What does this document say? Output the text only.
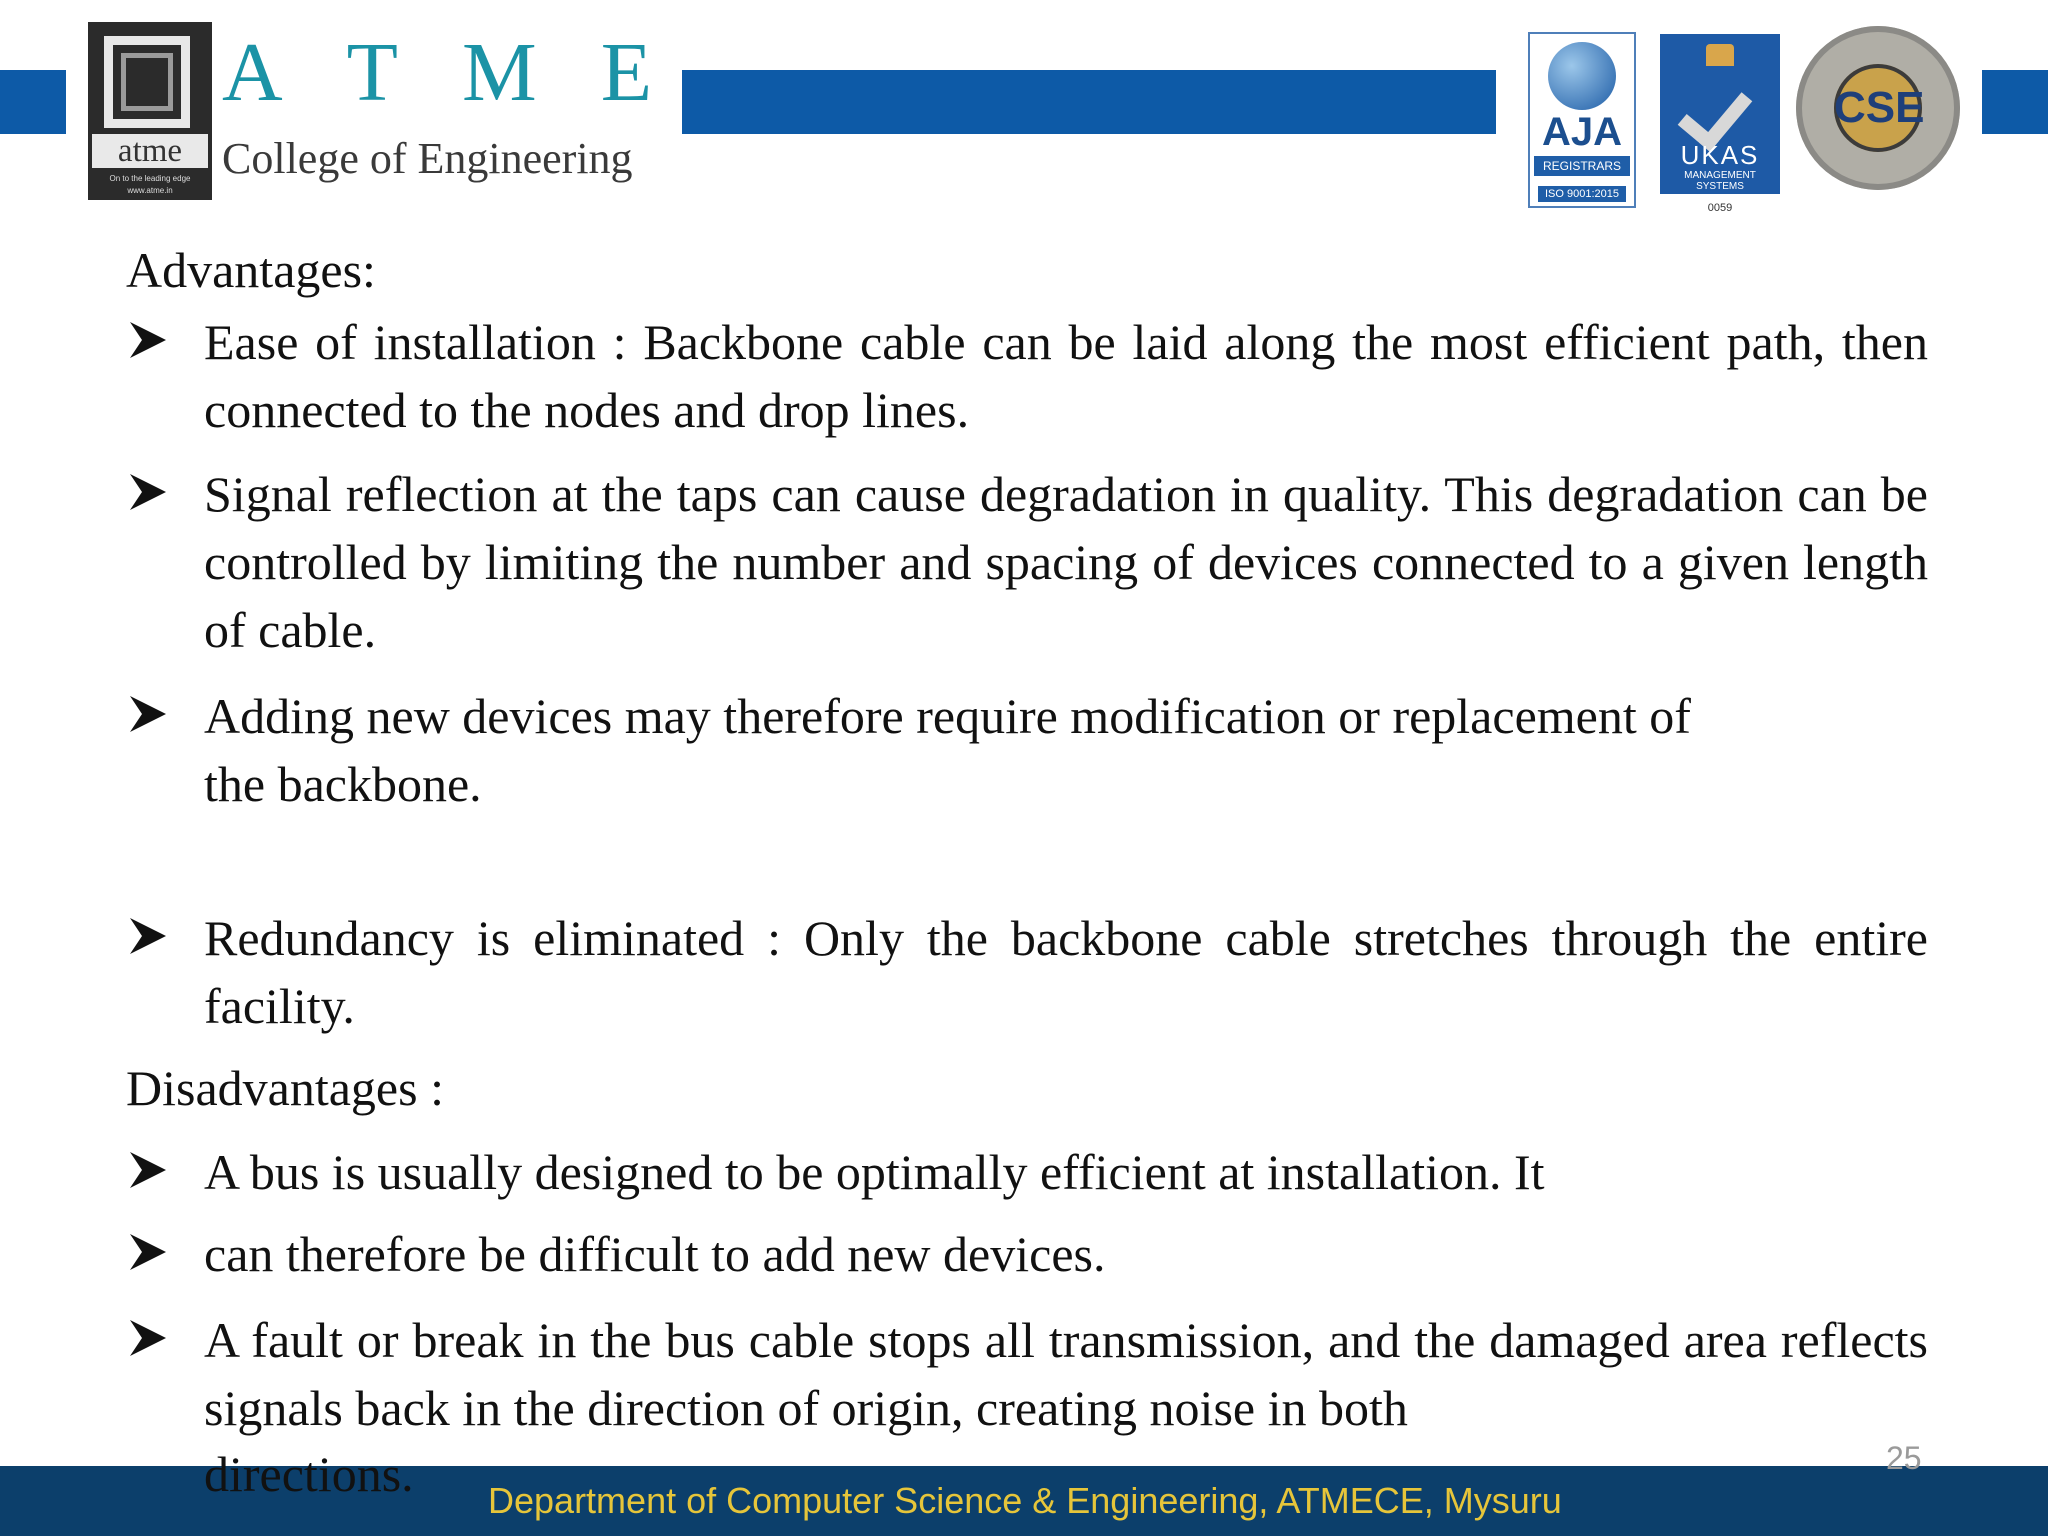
atme
On to the leading edge
www.atme.in
A T M E
College of Engineering
AJA
REGISTRARS
ISO 9001:2015
UKAS
MANAGEMENT SYSTEMS
0059
CSE

Advantages:

Ease of installation : Backbone cable can be laid along the most efficient path, then connected to the nodes and drop lines.

Signal reflection at the taps can cause degradation in quality. This degradation can be controlled by limiting the number and spacing of devices connected to a given length of cable.

Adding new devices may therefore require modification or replacement of

the backbone.

Redundancy is eliminated : Only the backbone cable stretches through the entire facility.

Disadvantages :

A bus is usually designed to be optimally efficient at installation. It

can therefore be difficult to add new devices.

A fault or break in the bus cable stops all transmission, and the damaged area reflects signals back in the direction of origin, creating noise in both

Department of Computer Science & Engineering, ATMECE, Mysuru
directions.	25
